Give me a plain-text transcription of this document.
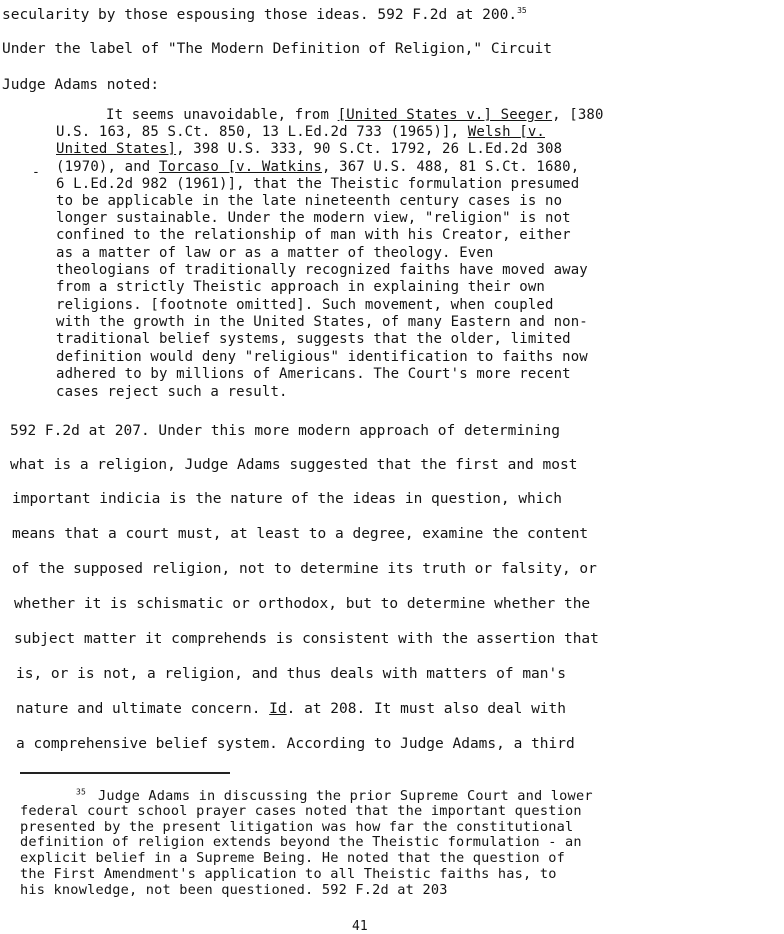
secularity by those espousing those ideas. 592 F.2d at 200.35

Under the label of "The Modern Definition of Religion," Circuit

Judge Adams noted:

It seems unavoidable, from [United States v.] Seeger, [380

U.S. 163, 85 S.Ct. 850, 13 L.Ed.2d 733 (1965)], Welsh [v.

United States], 398 U.S. 333, 90 S.Ct. 1792, 26 L.Ed.2d 308

- (1970), and Torcaso [v. Watkins, 367 U.S. 488, 81 S.Ct. 1680,

6 L.Ed.2d 982 (1961)], that the Theistic formulation presumed

to be applicable in the late nineteenth century cases is no

longer sustainable. Under the modern view, "religion" is not

confined to the relationship of man with his Creator, either

as a matter of law or as a matter of theology. Even

theologians of traditionally recognized faiths have moved away

from a strictly Theistic approach in explaining their own

religions. [footnote omitted]. Such movement, when coupled

with the growth in the United States, of many Eastern and non-

traditional belief systems, suggests that the older, limited

definition would deny "religious" identification to faiths now

adhered to by millions of Americans. The Court's more recent

cases reject such a result.

592 F.2d at 207. Under this more modern approach of determining

what is a religion, Judge Adams suggested that the first and most

important indicia is the nature of the ideas in question, which

means that a court must, at least to a degree, examine the content

of the supposed religion, not to determine its truth or falsity, or

whether it is schismatic or orthodox, but to determine whether the

subject matter it comprehends is consistent with the assertion that

is, or is not, a religion, and thus deals with matters of man's

nature and ultimate concern. Id. at 208. It must also deal with

a comprehensive belief system. According to Judge Adams, a third

$^{35}$ Judge Adams in discussing the prior Supreme Court and lower

federal court school prayer cases noted that the important question

presented by the present litigation was how far the constitutional

definition of religion extends beyond the Theistic formulation - an

explicit belief in a Supreme Being. He noted that the question of

the First Amendment's application to all Theistic faiths has, to

his knowledge, not been questioned. 592 F.2d at 203

41
